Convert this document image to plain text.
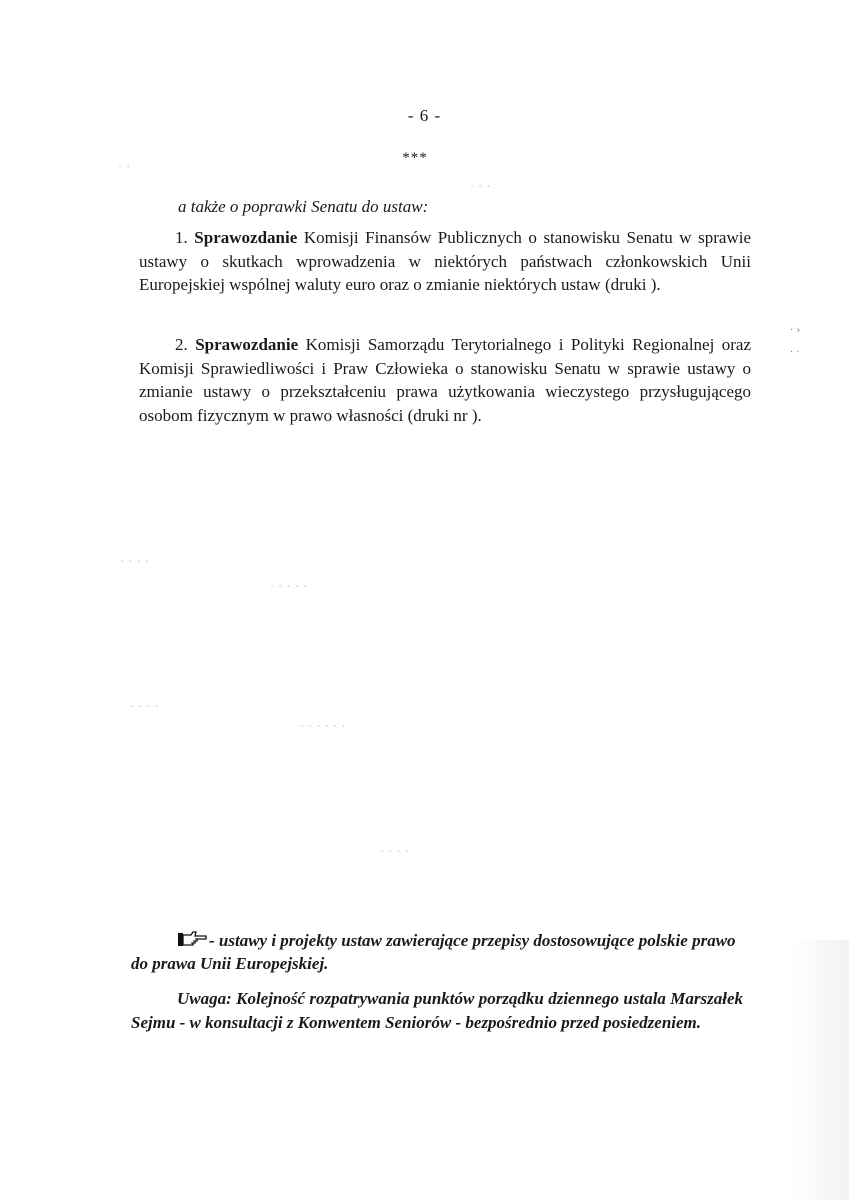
· ·
· · ·
· · · ·
· · · · ·
· · · ·
· · · · · ·
· · · ·
· ›
· ·
- 6 -
***
a także o poprawki Senatu do ustaw:
1. Sprawozdanie Komisji Finansów Publicznych o stanowisku Senatu w sprawie ustawy o skutkach wprowadzenia w niektórych państwach członkowskich Unii Europejskiej wspólnej waluty euro oraz o zmianie niektórych ustaw (druki ).
2. Sprawozdanie Komisji Samorządu Terytorialnego i Polityki Regionalnej oraz Komisji Sprawiedliwości i Praw Człowieka o stanowisku Senatu w sprawie ustawy o zmianie ustawy o przekształceniu prawa użytkowania wieczystego przysługującego osobom fizycznym w prawo własności (druki nr ).
- ustawy i projekty ustaw zawierające przepisy dostosowujące polskie prawo do prawa Unii Europejskiej.
Uwaga: Kolejność rozpatrywania punktów porządku dziennego ustala Marszałek Sejmu - w konsultacji z Konwentem Seniorów - bezpośrednio przed posiedzeniem.
